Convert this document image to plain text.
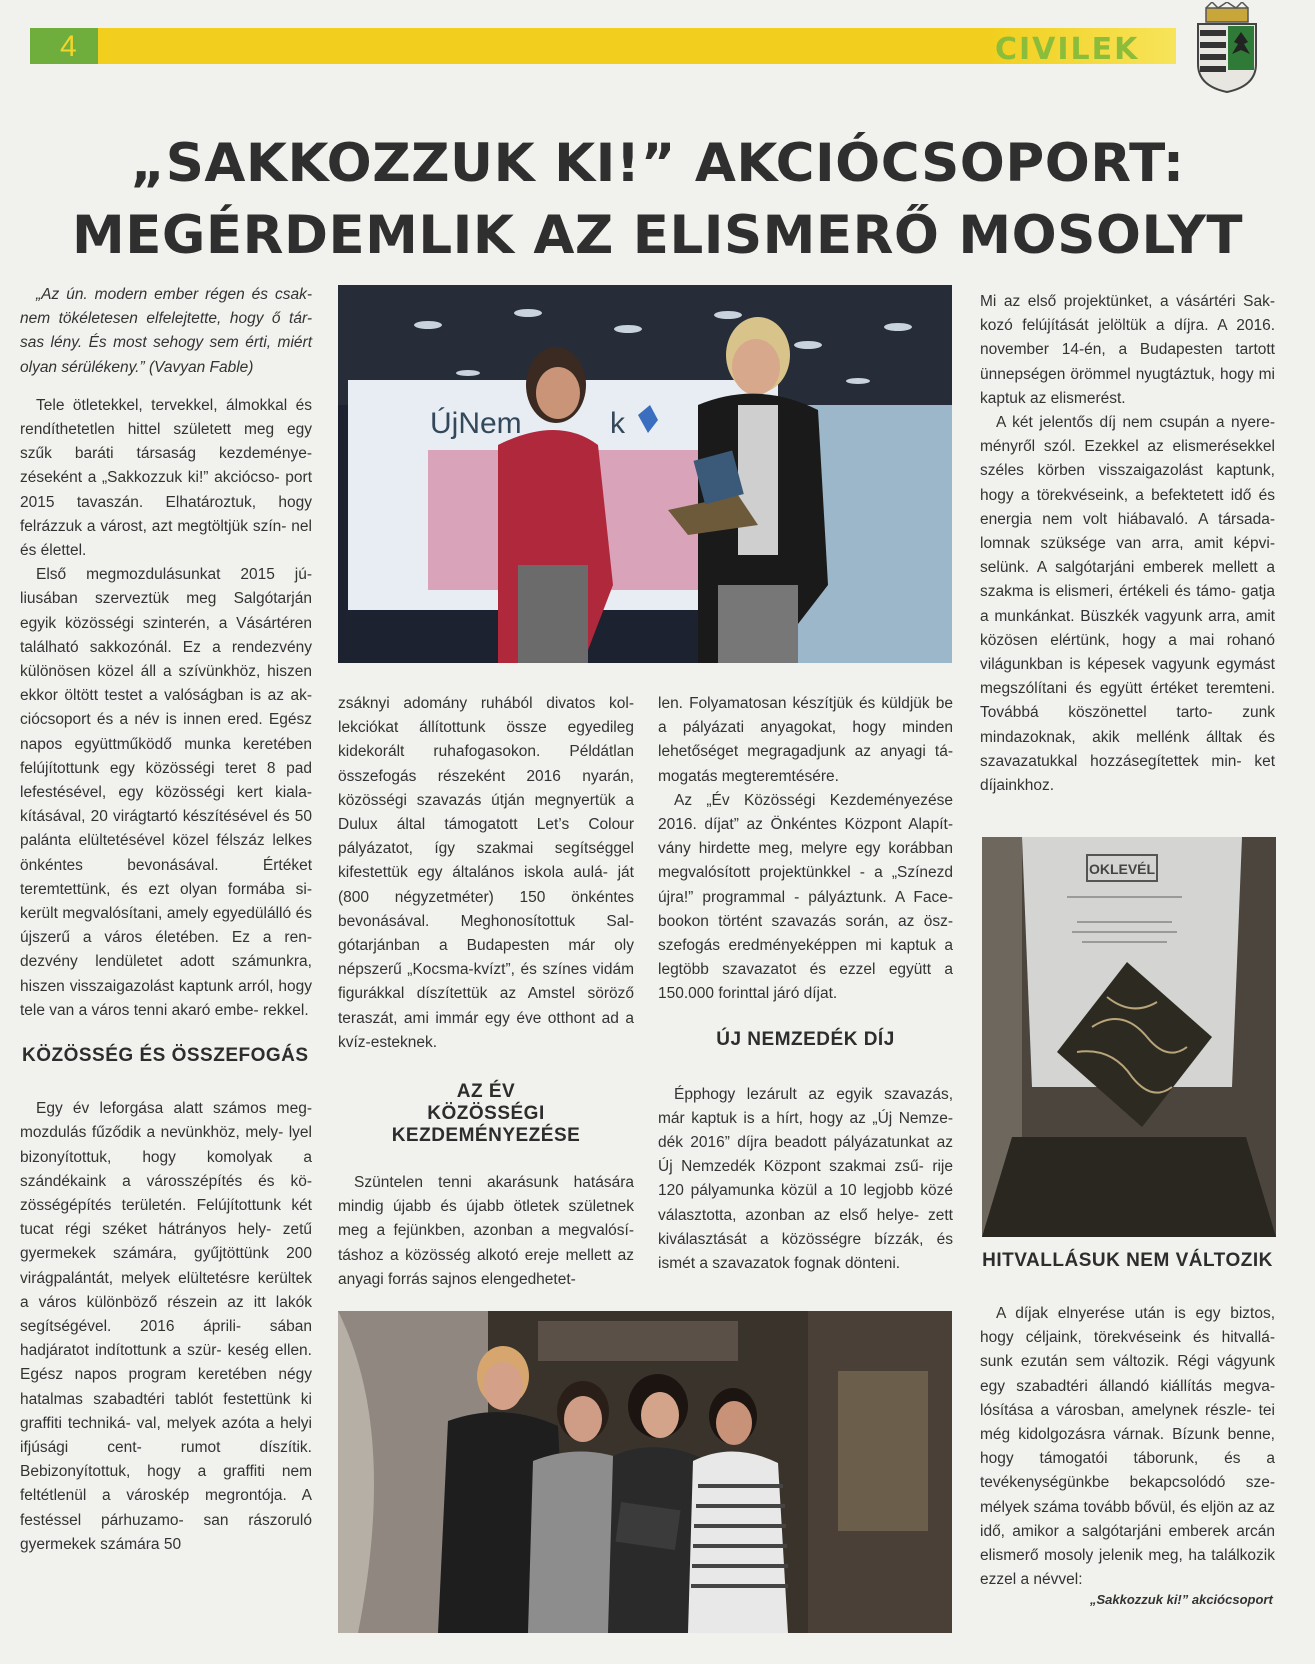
4	CIVILEK
„SAKKOZZUK KI!” AKCIÓCSOPORT:
MEGÉRDEMLIK AZ ELISMERŐ MOSOLYT

„Az ún. modern ember régen és csak- nem tökéletesen elfelejtette, hogy ő tár- sas lény. És most sehogy sem érti, miért olyan sérülékeny.” (Vavyan Fable)

Tele ötletekkel, tervekkel, álmokkal és rendíthetetlen hittel született meg egy szűk baráti társaság kezdeménye- zéseként a „Sakkozzuk ki!” akciócso- port 2015 tavaszán. Elhatároztuk, hogy felrázzuk a várost, azt megtöltjük szín- nel és élettel.

Első megmozdulásunkat 2015 jú- liusában szerveztük meg Salgótarján egyik közösségi szinterén, a Vásártéren található sakkozónál. Ez a rendezvény különösen közel áll a szívünkhöz, hiszen ekkor öltött testet a valóságban is az ak- ciócsoport és a név is innen ered. Egész napos együttműködő munka keretében felújítottunk egy közösségi teret 8 pad lefestésével, egy közösségi kert kiala- kításával, 20 virágtartó készítésével és 50 palánta elültetésével közel félszáz lelkes önkéntes bevonásával. Értéket teremtettünk, és ezt olyan formába si- került megvalósítani, amely egyedülálló és újszerű a város életében. Ez a ren- dezvény lendületet adott számunkra, hiszen visszaigazolást kaptunk arról, hogy tele van a város tenni akaró embe- rekkel.

KÖZÖSSÉG ÉS ÖSSZEFOGÁS

Egy év leforgása alatt számos meg- mozdulás fűződik a nevünkhöz, mely- lyel bizonyítottuk, hogy komolyak a szándékaink a városszépítés és kö- zösségépítés területén. Felújítottunk két tucat régi széket hátrányos hely- zetű gyermekek számára, gyűjtöttünk 200 virágpalántát, melyek elültetésre kerültek a város különböző részein az itt lakók segítségével. 2016 áprili- sában hadjáratot indítottunk a szür- keség ellen. Egész napos program keretében négy hatalmas szabadtéri tablót festettünk ki graffiti techniká- val, melyek azóta a helyi ifjúsági cent- rumot díszítik. Bebizonyítottuk, hogy a graffiti nem feltétlenül a városkép megrontója. A festéssel párhuzamo- san rászoruló gyermekek számára 50

ÚjNem	k

zsáknyi adomány ruhából divatos kol- lekciókat állítottunk össze egyedileg kidekorált ruhafogasokon. Példátlan összefogás részeként 2016 nyarán, közösségi szavazás útján megnyertük a Dulux által támogatott Let’s Colour pályázatot, így szakmai segítséggel kifestettük egy általános iskola aulá- ját (800 négyzetméter) 150 önkéntes bevonásával. Meghonosítottuk Sal- gótarjánban a Budapesten már oly népszerű „Kocsma-kvízt”, és színes vidám figurákkal díszítettük az Amstel söröző teraszát, ami immár egy éve otthont ad a kvíz-esteknek.

AZ ÉV

KÖZÖSSÉGI

KEZDEMÉNYEZÉSE

Szüntelen tenni akarásunk hatására mindig újabb és újabb ötletek születnek meg a fejünkben, azonban a megvalósí- táshoz a közösség alkotó ereje mellett az anyagi forrás sajnos elengedhetet-

len. Folyamatosan készítjük és küldjük be a pályázati anyagokat, hogy minden lehetőséget megragadjunk az anyagi tá- mogatás megteremtésére.

Az „Év Közösségi Kezdeményezése 2016. díjat” az Önkéntes Központ Alapít- vány hirdette meg, melyre egy korábban megvalósított projektünkkel - a „Színezd újra!” programmal - pályáztunk. A Face- bookon történt szavazás során, az ösz- szefogás eredményeképpen mi kaptuk a legtöbb szavazatot és ezzel együtt a 150.000 forinttal járó díjat.

ÚJ NEMZEDÉK DÍJ

Épphogy lezárult az egyik szavazás, már kaptuk is a hírt, hogy az „Új Nemze- dék 2016” díjra beadott pályázatunkat az Új Nemzedék Központ szakmai zsű- rije 120 pályamunka közül a 10 legjobb közé választotta, azonban az első helye- zett kiválasztását a közösségre bízzák, és ismét a szavazatok fognak dönteni.

Mi az első projektünket, a vásártéri Sak- kozó felújítását jelöltük a díjra. A 2016. november 14-én, a Budapesten tartott ünnepségen örömmel nyugtáztuk, hogy mi kaptuk az elismerést.

A két jelentős díj nem csupán a nyere- ményről szól. Ezekkel az elismerésekkel széles körben visszaigazolást kaptunk, hogy a törekvéseink, a befektetett idő és energia nem volt hiábavaló. A társada- lomnak szüksége van arra, amit képvi- selünk. A salgótarjáni emberek mellett a szakma is elismeri, értékeli és támo- gatja a munkánkat. Büszkék vagyunk arra, amit közösen elértünk, hogy a mai rohanó világunkban is képesek vagyunk egymást megszólítani és együtt értéket teremteni. Továbbá köszönettel tarto- zunk mindazoknak, akik mellénk álltak és szavazatukkal hozzásegítettek min- ket díjainkhoz.

OKLEVÉL

HITVALLÁSUK NEM VÁLTOZIK

A díjak elnyerése után is egy biztos, hogy céljaink, törekvéseink és hitvallá- sunk ezután sem változik. Régi vágyunk egy szabadtéri állandó kiállítás megva- lósítása a városban, amelynek részle- tei még kidolgozásra várnak. Bízunk benne, hogy támogatói táborunk, és a tevékenységünkbe bekapcsolódó sze- mélyek száma tovább bővül, és eljön az az idő, amikor a salgótarjáni emberek arcán elismerő mosoly jelenik meg, ha találkozik ezzel a névvel:

„Sakkozzuk ki!” akciócsoport
